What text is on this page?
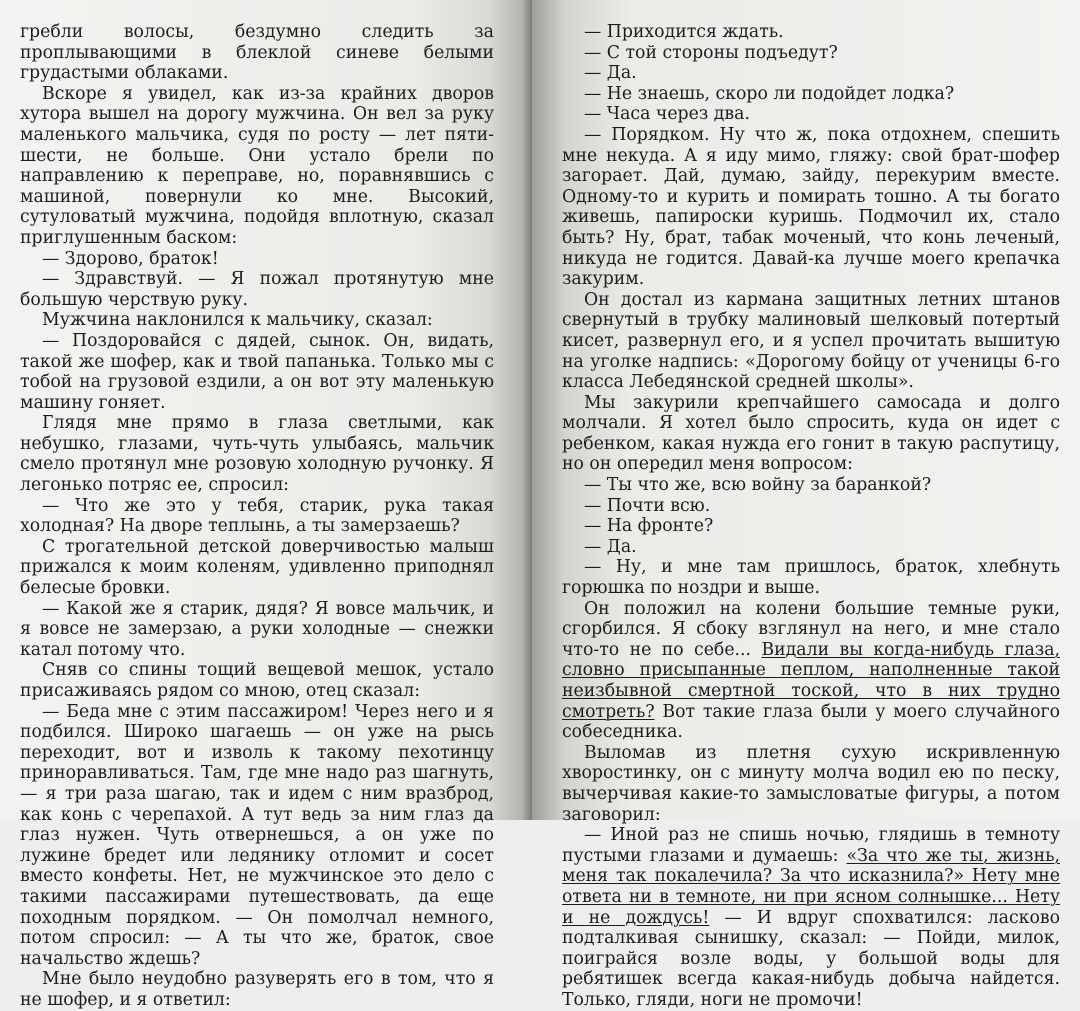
гребли волосы, бездумно следить за проплывающими в блеклой синеве белыми грудастыми облаками.

Вскоре я увидел, как из-за крайних дворов хутора вышел на дорогу мужчина. Он вел за руку маленького мальчика, судя по росту — лет пяти-шести, не больше. Они устало брели по направлению к переправе, но, поравнявшись с машиной, повернули ко мне. Высокий, сутуловатый мужчина, подойдя вплотную, сказал приглушенным баском:

— Здорово, браток!

— Здравствуй. — Я пожал протянутую мне большую черствую руку.

Мужчина наклонился к мальчику, сказал:

— Поздоровайся с дядей, сынок. Он, видать, такой же шофер, как и твой папанька. Только мы с тобой на грузовой ездили, а он вот эту маленькую машину гоняет.

Глядя мне прямо в глаза светлыми, как небушко, глазами, чуть-чуть улыбаясь, мальчик смело протянул мне розовую холодную ручонку. Я легонько потряс ее, спросил:

— Что же это у тебя, старик, рука такая холодная? На дворе теплынь, а ты замерзаешь?

С трогательной детской доверчивостью малыш прижался к моим коленям, удивленно приподнял белесые бровки.

— Какой же я старик, дядя? Я вовсе мальчик, и я вовсе не замерзаю, а руки холодные — снежки катал потому что.

Сняв со спины тощий вещевой мешок, устало присаживаясь рядом со мною, отец сказал:

— Беда мне с этим пассажиром! Через него и я подбился. Широко шагаешь — он уже на рысь переходит, вот и изволь к такому пехотинцу приноравливаться. Там, где мне надо раз шагнуть, — я три раза шагаю, так и идем с ним вразброд, как конь с черепахой. А тут ведь за ним глаз да глаз нужен. Чуть отвернешься, а он уже по лужине бредет или ледянику отломит и сосет вместо конфеты. Нет, не мужчинское это дело с такими пассажирами путешествовать, да еще походным порядком. — Он помолчал немного, потом спросил: — А ты что же, браток, свое начальство ждешь?

Мне было неудобно разуверять его в том, что я не шофер, и я ответил:

— Приходится ждать.

— С той стороны подъедут?

— Да.

— Не знаешь, скоро ли подойдет лодка?

— Часа через два.

— Порядком. Ну что ж, пока отдохнем, спешить мне некуда. А я иду мимо, гляжу: свой брат-шофер загорает. Дай, думаю, зайду, перекурим вместе. Одному-то и курить и помирать тошно. А ты богато живешь, папироски куришь. Подмочил их, стало быть? Ну, брат, табак моченый, что конь леченый, никуда не годится. Давай-ка лучше моего крепачка закурим.

Он достал из кармана защитных летних штанов свернутый в трубку малиновый шелковый потертый кисет, развернул его, и я успел прочитать вышитую на уголке надпись: «Дорогому бойцу от ученицы 6-го класса Лебедянской средней школы».

Мы закурили крепчайшего самосада и долго молчали. Я хотел было спросить, куда он идет с ребенком, какая нужда его гонит в такую распутицу, но он опередил меня вопросом:

— Ты что же, всю войну за баранкой?

— Почти всю.

— На фронте?

— Да.

— Ну, и мне там пришлось, браток, хлебнуть горюшка по ноздри и выше.

Он положил на колени большие темные руки, сгорбился. Я сбоку взглянул на него, и мне стало что-то не по себе... Видали вы когда-нибудь глаза, словно присыпанные пеплом, наполненные такой неизбывной смертной тоской, что в них трудно смотреть? Вот такие глаза были у моего случайного собеседника.

Выломав из плетня сухую искривленную хворостинку, он с минуту молча водил ею по песку, вычерчивая какие-то замысловатые фигуры, а потом заговорил:

— Иной раз не спишь ночью, глядишь в темноту пустыми глазами и думаешь: «За что же ты, жизнь, меня так покалечила? За что исказнила?» Нету мне ответа ни в темноте, ни при ясном солнышке... Нету и не дождусь! — И вдруг спохватился: ласково подталкивая сынишку, сказал: — Пойди, милок, поиграйся возле воды, у большой воды для ребятишек всегда какая-нибудь добыча найдется. Только, гляди, ноги не промочи!
